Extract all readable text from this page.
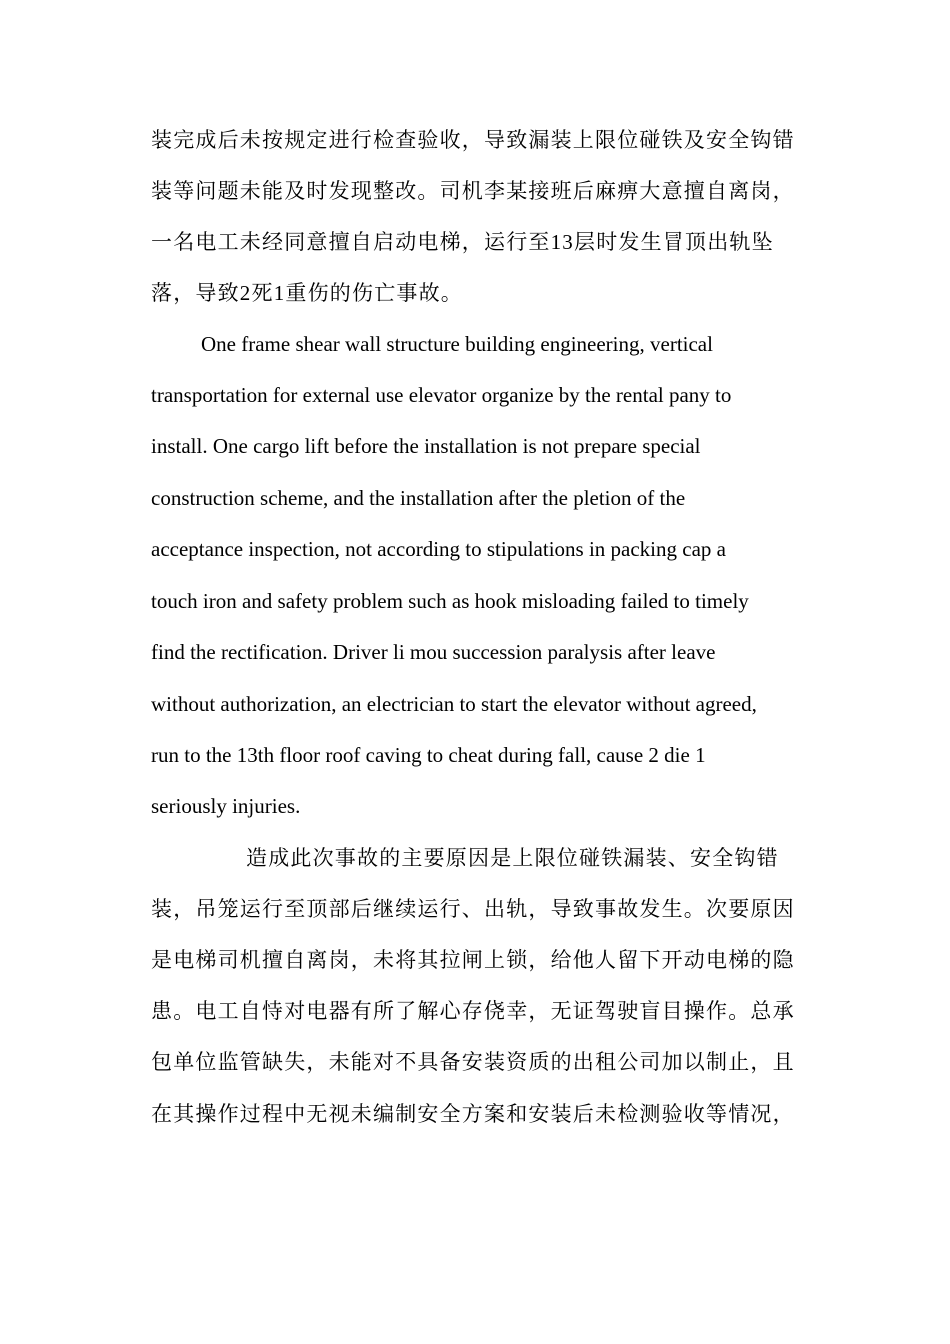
装完成后未按规定进行检查验收，导致漏装上限位碰铁及安全钩错
装等问题未能及时发现整改。司机李某接班后麻痹大意擅自离岗，
一名电工未经同意擅自启动电梯，运行至13层时发生冒顶出轨坠
落，导致2死1重伤的伤亡事故。
One frame shear wall structure building engineering, vertical
transportation for external use elevator organize by the rental pany to
install. One cargo lift before the installation is not prepare special
construction scheme, and the installation after the pletion of the
acceptance inspection, not according to stipulations in packing cap a
touch iron and safety problem such as hook misloading failed to timely
find the rectification. Driver li mou succession paralysis after leave
without authorization, an electrician to start the elevator without agreed,
run to the 13th floor roof caving to cheat during fall, cause 2 die 1
seriously injuries.
造成此次事故的主要原因是上限位碰铁漏装、安全钩错
装，吊笼运行至顶部后继续运行、出轨，导致事故发生。次要原因
是电梯司机擅自离岗，未将其拉闸上锁，给他人留下开动电梯的隐
患。电工自恃对电器有所了解心存侥幸，无证驾驶盲目操作。总承
包单位监管缺失，未能对不具备安装资质的出租公司加以制止，且
在其操作过程中无视未编制安全方案和安装后未检测验收等情况，
